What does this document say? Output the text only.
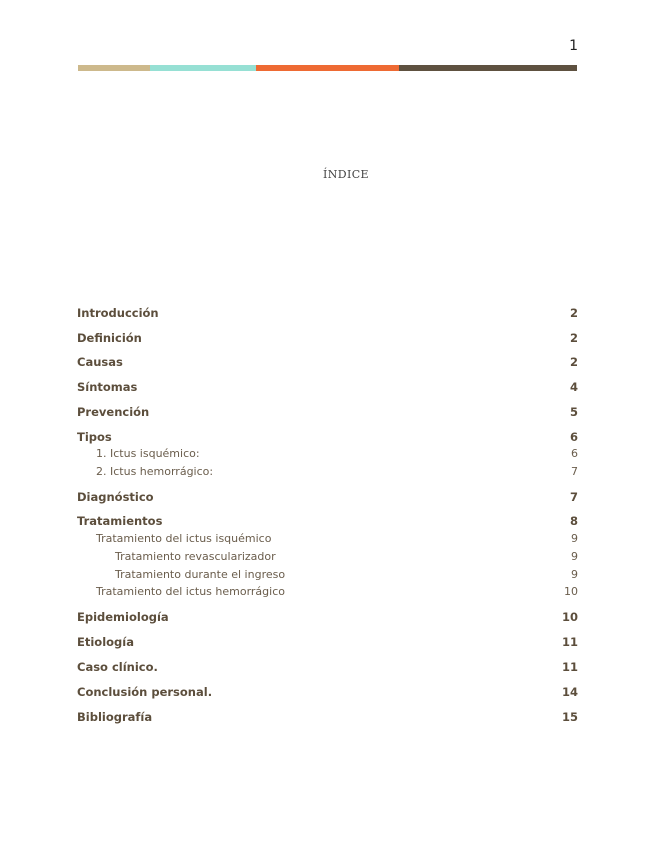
1
ÍNDICE
Introducción	2
Definición	2
Causas	2
Síntomas	4
Prevención	5
Tipos	6
1. Ictus isquémico:	6
2. Ictus hemorrágico:	7
Diagnóstico	7
Tratamientos	8
Tratamiento del ictus isquémico	9
Tratamiento revascularizador	9
Tratamiento durante el ingreso	9
Tratamiento del ictus hemorrágico	10
Epidemiología	10
Etiología	11
Caso clínico.	11
Conclusión personal.	14
Bibliografía	15
